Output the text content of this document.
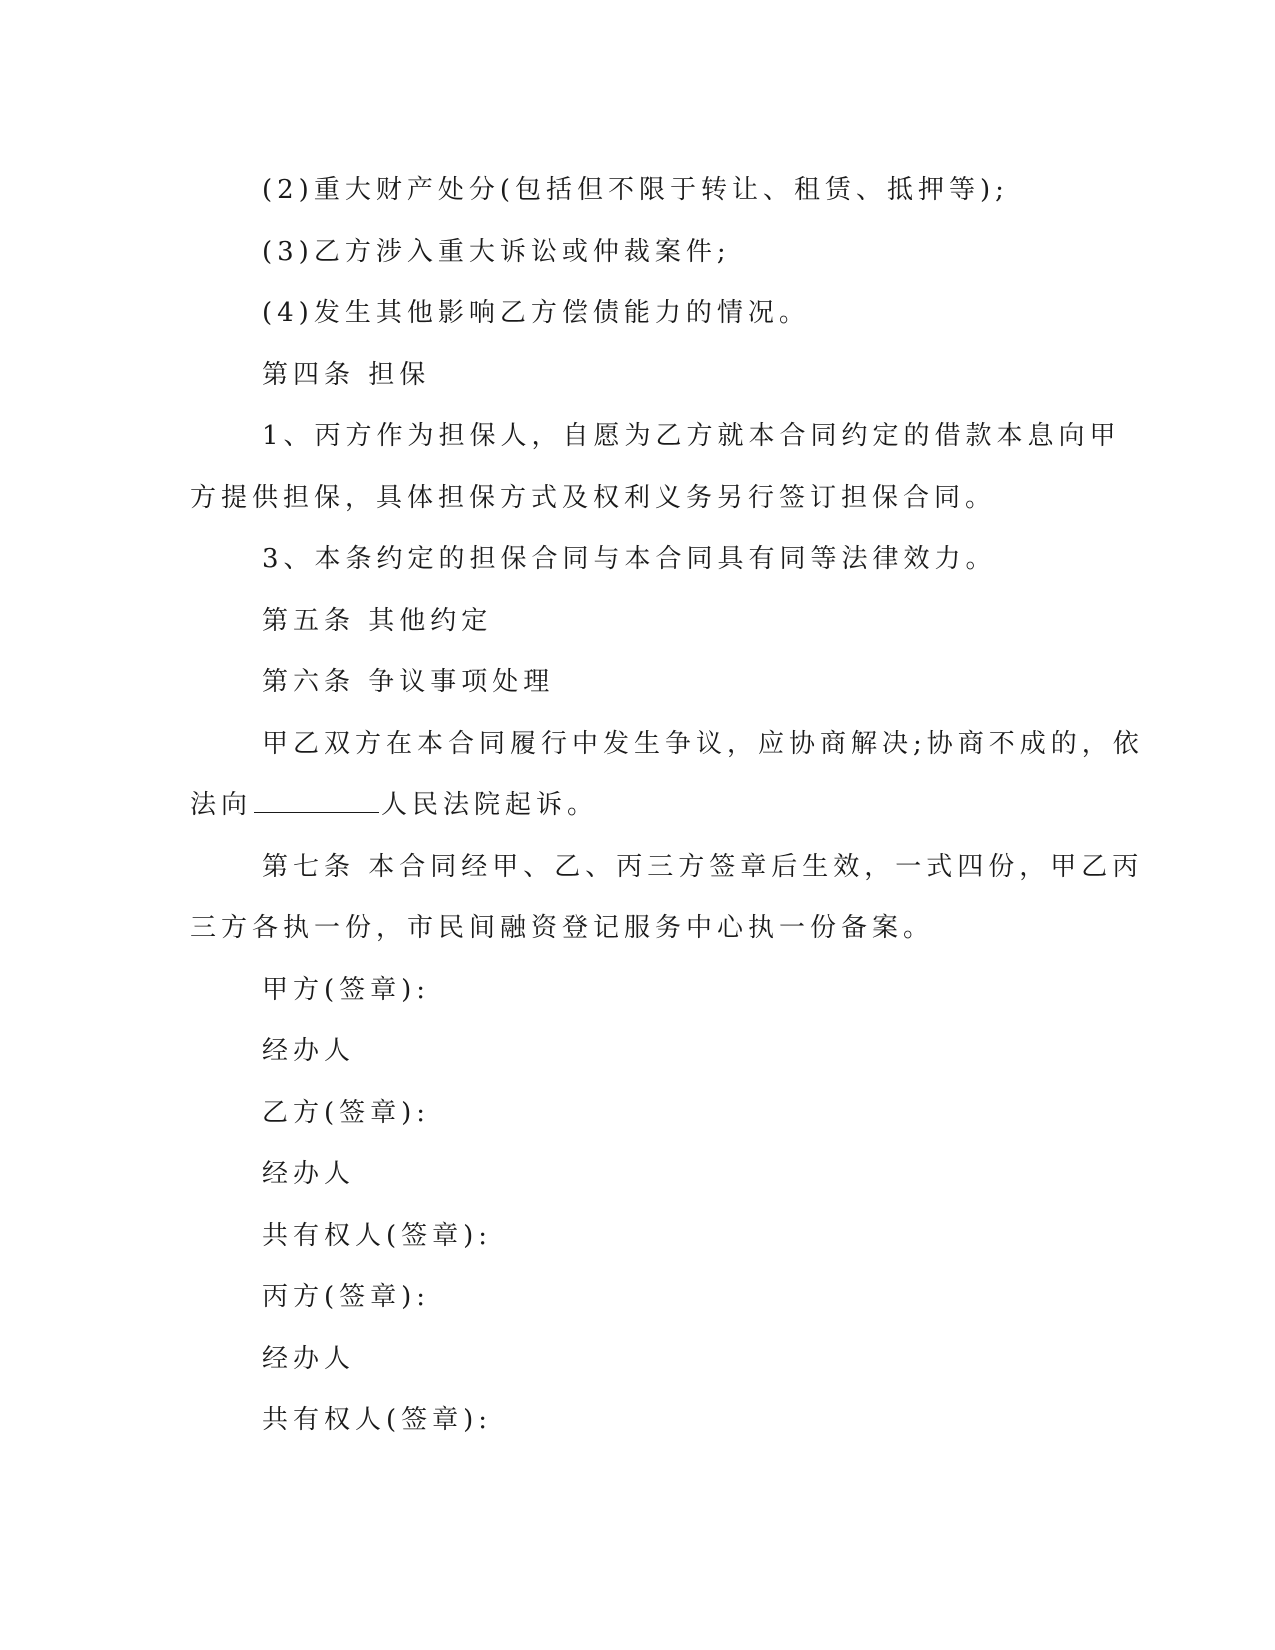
(2)重大财产处分(包括但不限于转让、租赁、抵押等);
(3)乙方涉入重大诉讼或仲裁案件;
(4)发生其他影响乙方偿债能力的情况。
第四条 担保
1、丙方作为担保人，自愿为乙方就本合同约定的借款本息向甲
方提供担保，具体担保方式及权利义务另行签订担保合同。
3、本条约定的担保合同与本合同具有同等法律效力。
第五条 其他约定
第六条 争议事项处理
甲乙双方在本合同履行中发生争议，应协商解决;协商不成的，依
法向	人民法院起诉。
第七条 本合同经甲、乙、丙三方签章后生效，一式四份，甲乙丙
三方各执一份，市民间融资登记服务中心执一份备案。
甲方(签章):
经办人
乙方(签章):
经办人
共有权人(签章):
丙方(签章):
经办人
共有权人(签章):
